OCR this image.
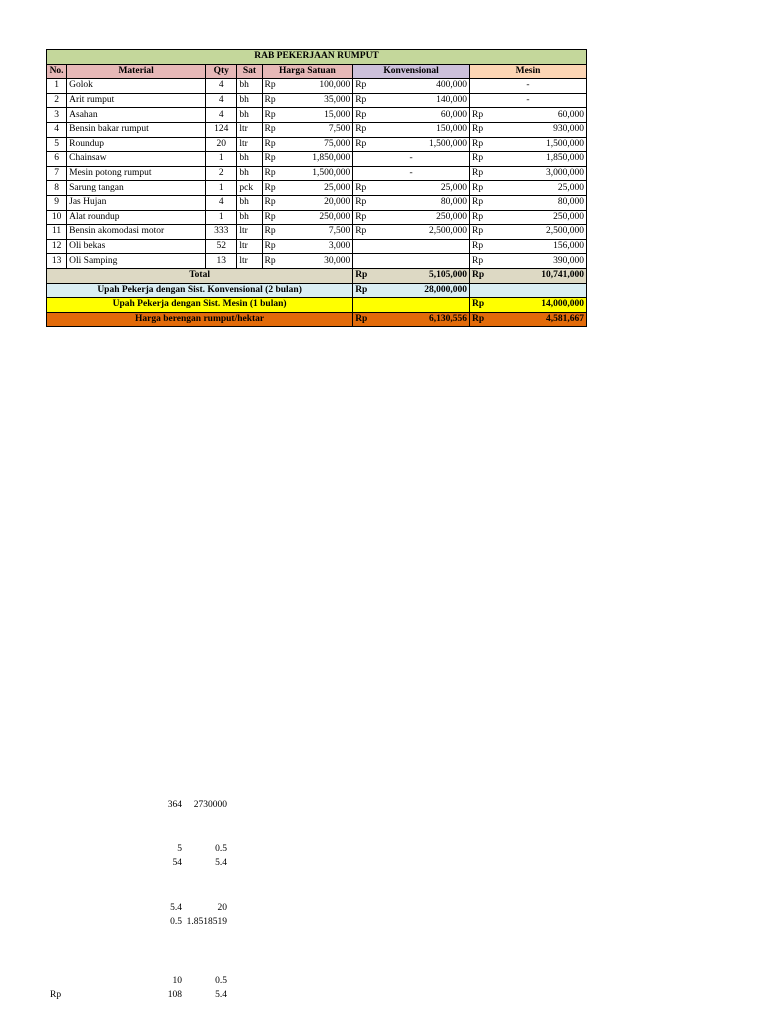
RAB PEKERJAAN RUMPUT						
No.	Material	Qty	Sat	Harga Satuan	Konvensional	Mesin
1	Golok	4	bh	Rp 100,000	Rp 400,000	-

2	Arit rumput	4	bh	Rp 35,000	Rp 140,000	-

3	Asahan	4	bh	Rp 15,000	Rp 60,000	Rp 60,000

4	Bensin bakar rumput	124	ltr	Rp 7,500	Rp 150,000	Rp 930,000

5	Roundup	20	ltr	Rp 75,000	Rp 1,500,000	Rp 1,500,000

6	Chainsaw	1	bh	Rp 1,850,000	-	Rp 1,850,000

7	Mesin potong rumput	2	bh	Rp 1,500,000	-	Rp 3,000,000

8	Sarung tangan	1	pck	Rp 25,000	Rp 25,000	Rp 25,000

9	Jas Hujan	4	bh	Rp 20,000	Rp 80,000	Rp 80,000

10	Alat roundup	1	bh	Rp 250,000	Rp 250,000	Rp 250,000

11	Bensin akomodasi motor	333	ltr	Rp 7,500	Rp 2,500,000	Rp 2,500,000

12	Oli bekas	52	ltr	Rp 3,000		Rp 156,000

13	Oli Samping	13	ltr	Rp 30,000		Rp 390,000

Total					Rp 5,105,000	Rp 10,741,000

Upah Pekerja dengan Sist. Konvensional (2 bulan)					Rp 28,000,000	

Upah Pekerja dengan Sist. Mesin (1 bulan)						Rp 14,000,000

Harga berengan rumput/hektar					Rp 6,130,556	Rp 4,581,667
364 2730000
5	0.5
54	5.4
5.4	20
0.5 1.8518519
10	0.5
Rp	108	5.4
